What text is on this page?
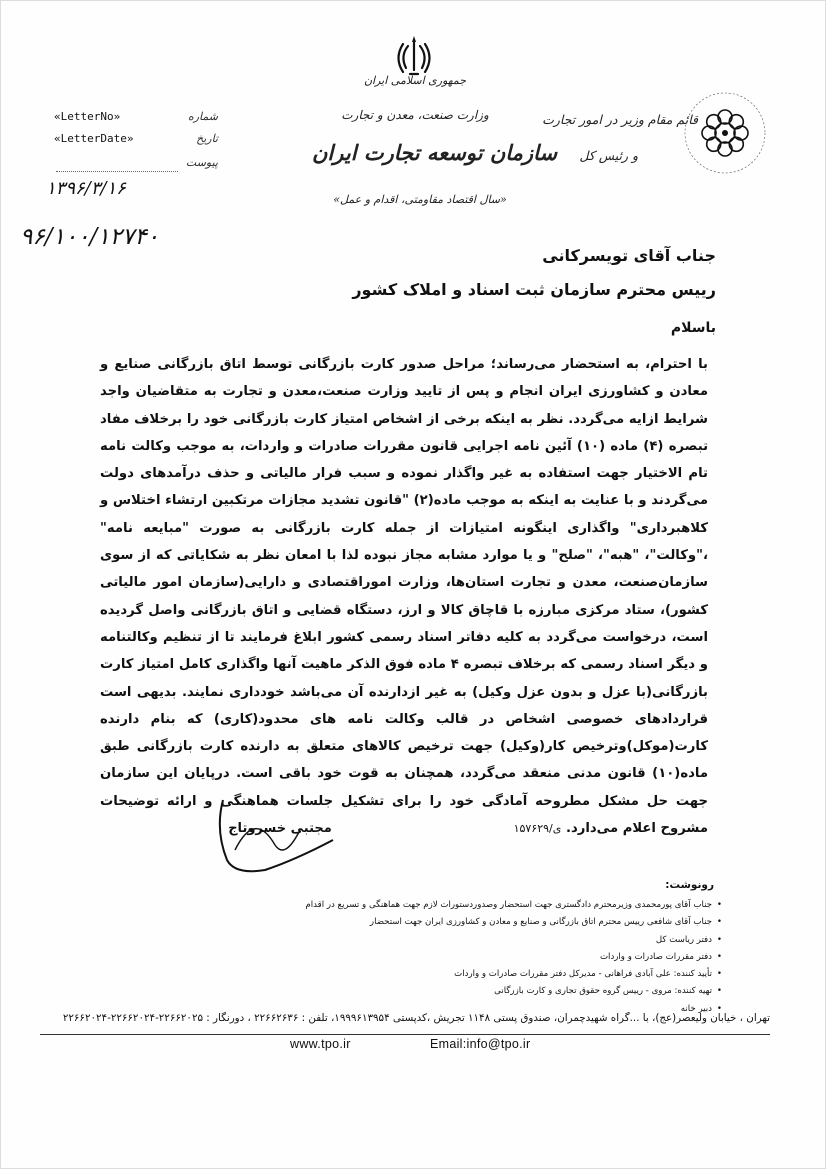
جمهوری اسلامی ایران
وزارت صنعت، معدن و تجارت
سازمان توسعه تجارت ایران
«سال اقتصاد مقاومتی، اقدام و عمل»
قائم مقام وزیر در امور تجارت
و رئیس کل
«LetterNo»	شماره
«LetterDate»	تاریخ
پیوست
۱۳۹۶/۳/۱۶
۹۶/۱۰۰/۱۲۷۴۰
جناب آقای تویسرکانی
رییس محترم سازمان ثبت اسناد و املاک کشور
باسلام

با احترام، به استحضار می‌رساند؛ مراحل صدور کارت بازرگانی توسط اتاق بازرگانی صنایع و معادن و کشاورزی ایران انجام و پس از تایید وزارت صنعت،معدن و تجارت به متقاضیان واجد شرایط ازایه می‌گردد. نظر به اینکه برخی از اشخاص امتیاز کارت بازرگانی خود را برخلاف مفاد تبصره (۴) ماده (۱۰) آئین نامه اجرایی قانون مقررات صادرات و واردات، به موجب وکالت نامه تام الاختیار جهت استفاده به غیر واگذار نموده و سبب فرار مالیاتی و حذف درآمدهای دولت می‌گردند و با عنایت به اینکه به موجب ماده(۲) "قانون تشدید مجازات مرتکبین ارتشاء اختلاس و کلاهبرداری" واگذاری اینگونه امتیازات از جمله کارت بازرگانی به صورت "مبایعه نامه" ،"وکالت"، "هبه"، "صلح" و یا موارد مشابه مجاز نبوده لذا با امعان نظر به شکایاتی که از سوی سازمان‌صنعت، معدن و تجارت استان‌ها، وزارت اموراقتصادی و دارایی(سازمان امور مالیاتی کشور)، ستاد مرکزی مبارزه با قاچاق کالا و ارز، دستگاه قضایی و اتاق بازرگانی واصل گردیده است، درخواست می‌گردد به کلیه دفاتر اسناد رسمی کشور ابلاغ فرمایند تا از تنظیم وکالتنامه و دیگر اسناد رسمی که برخلاف تبصره ۴ ماده فوق الذکر ماهیت آنها واگذاری کامل امتیاز کارت بازرگانی(با عزل و بدون عزل وکیل) به غیر ازدارنده آن می‌باشد خودداری نمایند. بدیهی است قرارداد‌های خصوصی اشخاص در قالب وکالت نامه های محدود(کاری) که بنام دارنده کارت(موکل)وترخیص کار(وکیل) جهت ترخیص کالاهای متعلق به دارنده کارت بازرگانی طبق ماده(۱۰) قانون مدنی منعقد می‌گردد، همچنان به قوت خود باقی است. درپایان این سازمان جهت حل مشکل مطروحه آمادگی خود را برای تشکیل جلسات هماهنگی و ارائه توضیحات مشروح اعلام می‌دارد. ی/۱۵۷۶۲۹

مجتبی خسروتاج
رونوشت:
• جناب آقای پورمحمدی وزیرمحترم دادگستری جهت استحضار وصدوردستورات لازم جهت هماهنگی و تسریع در اقدام
• جناب آقای شافعی رییس محترم اتاق بازرگانی و صنایع و معادن و کشاورزی ایران جهت استحضار
• دفتر ریاست کل
• دفتر مقررات صادرات و واردات
• تأیید کننده: علی آبادی فراهانی - مدیرکل دفتر مقررات صادرات و واردات
• تهیه کننده: مروی - رییس گروه حقوق تجاری و کارت بازرگانی
• دبیر خانه
تهران ، خیابان ولیعصر(عج)، ب‍ا ...گراه شهیدچمران، صندوق پستی ۱۱۴۸ تجریش ،کدپستی ۱۹۹۹۶۱۳۹۵۴، تلفن : ۲۲۶۶۲۶۳۶ ، دورنگار : ۲۲۶۶۲۰۲۵-۲۲۶۶۲۰۲۴-۲۲۶۶۲۰۲۴
www.tpo.ir	Email:info@tpo.ir
